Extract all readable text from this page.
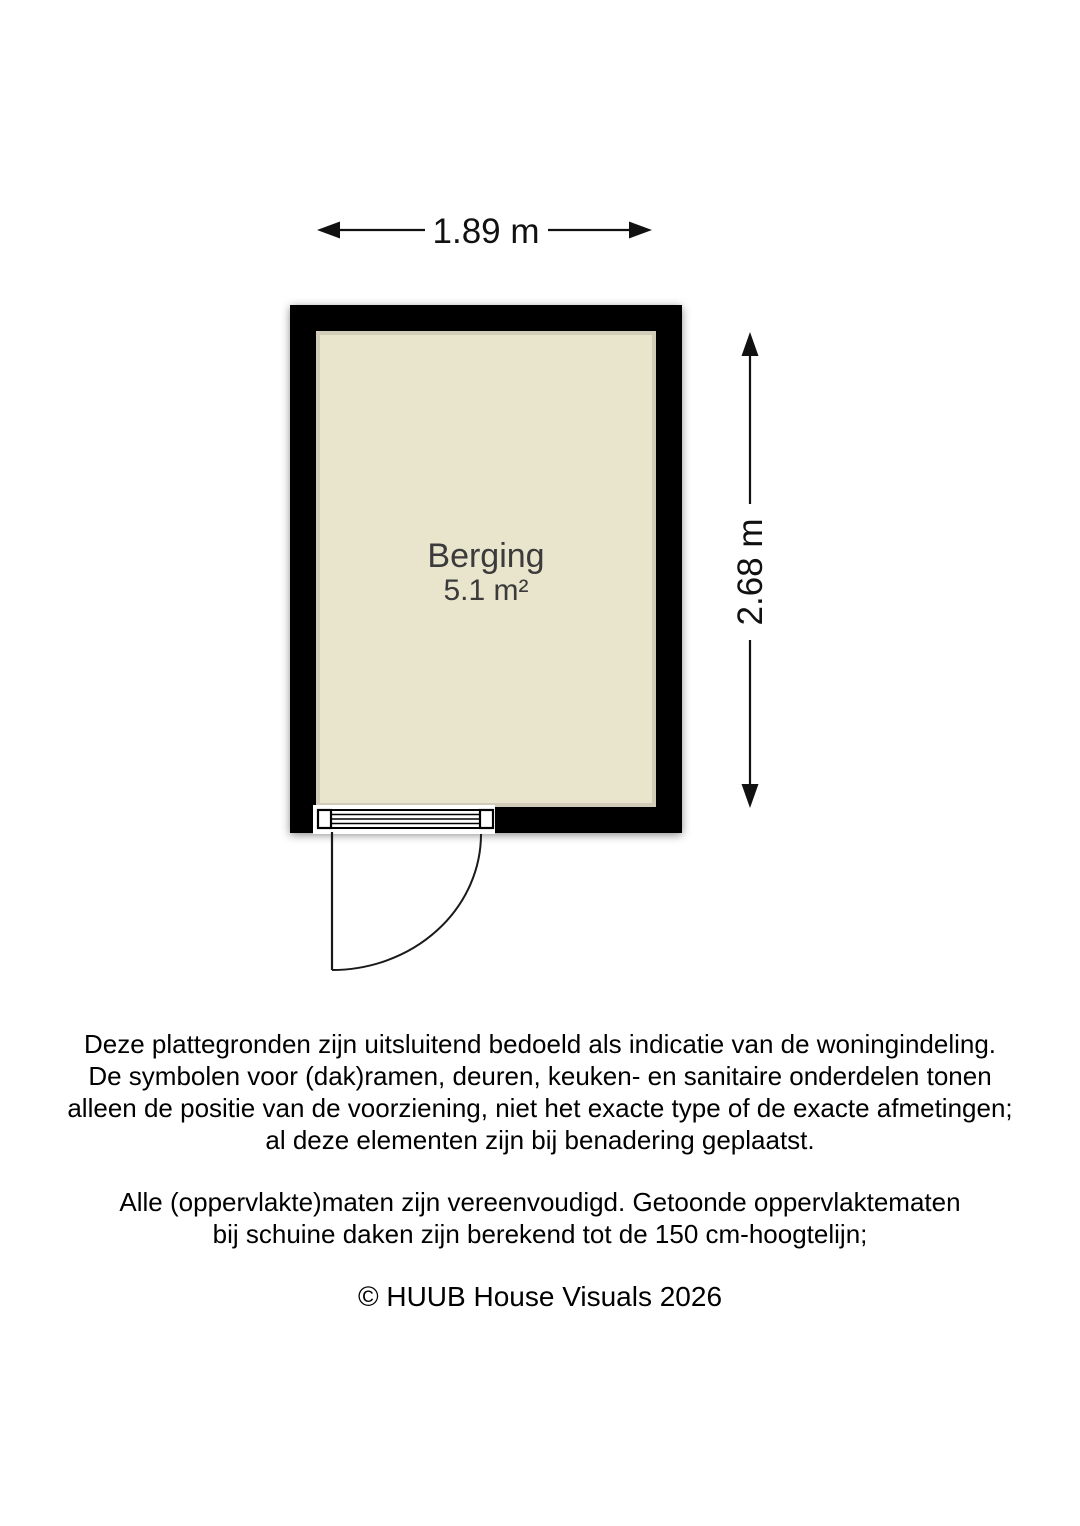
1.89 m
Berging
5.1 m²	2.68 m
Deze plattegronden zijn uitsluitend bedoeld als indicatie van de woningindeling.
De symbolen voor (dak)ramen, deuren, keuken- en sanitaire onderdelen tonen
alleen de positie van de voorziening, niet het exacte type of de exacte afmetingen;
al deze elementen zijn bij benadering geplaatst.
Alle (oppervlakte)maten zijn vereenvoudigd. Getoonde oppervlaktematen
bij schuine daken zijn berekend tot de 150 cm-hoogtelijn;
© HUUB House Visuals 2026
